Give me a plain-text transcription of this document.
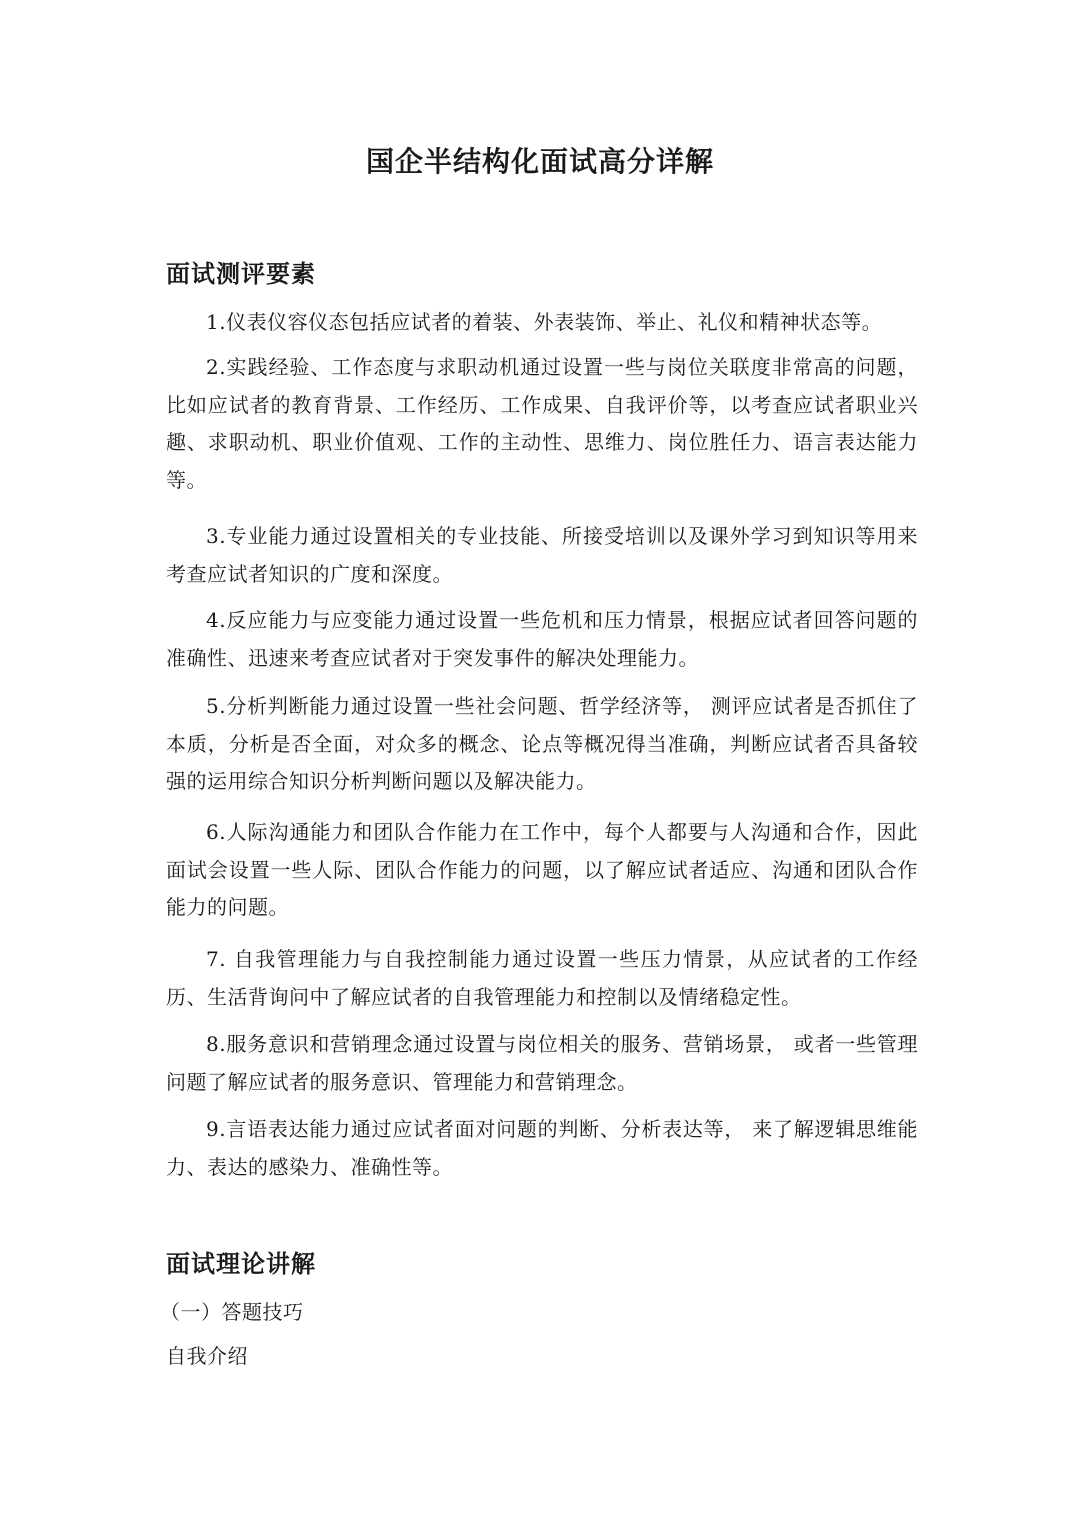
国企半结构化面试高分详解
面试测评要素
1.仪表仪容仪态包括应试者的着装、外表装饰、举止、礼仪和精神状态等。
2.实践经验、工作态度与求职动机通过设置一些与岗位关联度非常高的问题，比如应试者的教育背景、工作经历、工作成果、自我评价等，以考查应试者职业兴趣、求职动机、职业价值观、工作的主动性、思维力、岗位胜任力、语言表达能力等。
3.专业能力通过设置相关的专业技能、所接受培训以及课外学习到知识等用来考查应试者知识的广度和深度。
4.反应能力与应变能力通过设置一些危机和压力情景，根据应试者回答问题的准确性、迅速来考查应试者对于突发事件的解决处理能力。
5.分析判断能力通过设置一些社会问题、哲学经济等， 测评应试者是否抓住了本质，分析是否全面，对众多的概念、论点等概况得当准确，判断应试者否具备较强的运用综合知识分析判断问题以及解决能力。
6.人际沟通能力和团队合作能力在工作中，每个人都要与人沟通和合作，因此面试会设置一些人际、团队合作能力的问题，以了解应试者适应、沟通和团队合作能力的问题。
7. 自我管理能力与自我控制能力通过设置一些压力情景，从应试者的工作经历、生活背询问中了解应试者的自我管理能力和控制以及情绪稳定性。
8.服务意识和营销理念通过设置与岗位相关的服务、营销场景， 或者一些管理问题了解应试者的服务意识、管理能力和营销理念。
9.言语表达能力通过应试者面对问题的判断、分析表达等， 来了解逻辑思维能力、表达的感染力、准确性等。
面试理论讲解
（一）答题技巧
自我介绍
